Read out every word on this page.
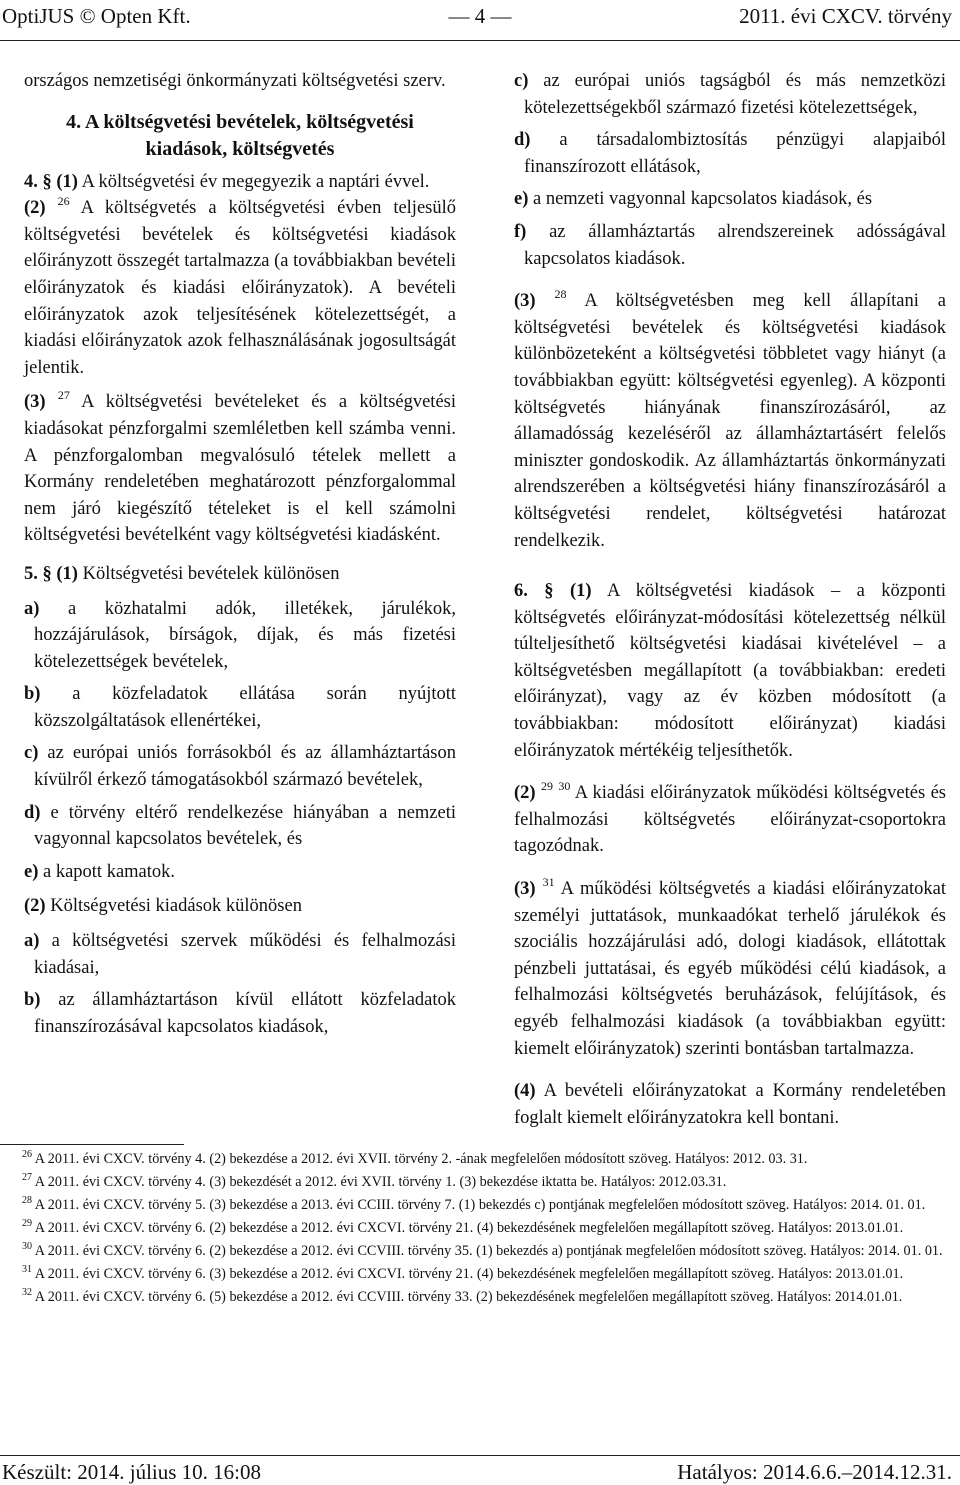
OptiJUS © Opten Kft.	— 4 —	2011. évi CXCV. törvény

országos nemzetiségi önkormányzati költségvetési szerv.

4. A költségvetési bevételek, költségvetési kiadások, költségvetés

4. § (1) A költségvetési év megegyezik a naptári évvel.

(2) $^{26}$ A költségvetés a költségvetési évben teljesülő költségvetési bevételek és költségvetési kiadások előirányzott összegét tartalmazza (a továbbiakban bevételi előirányzatok és kiadási előirányzatok). A bevételi előirányzatok azok teljesítésének kötelezettségét, a kiadási előirányzatok azok felhasználásának jogosultságát jelentik.

(3) $^{27}$ A költségvetési bevételeket és a költségvetési kiadásokat pénzforgalmi szemléletben kell számba venni. A pénzforgalomban megvalósuló tételek mellett a Kormány rendeletében meghatározott pénzforgalommal nem járó kiegészítő tételeket is el kell számolni költségvetési bevételként vagy költségvetési kiadásként.

5. § (1) Költségvetési bevételek különösen

a) a közhatalmi adók, illetékek, járulékok, hozzájárulások, bírságok, díjak, és más fizetési kötelezettségek bevételek,

b) a közfeladatok ellátása során nyújtott közszolgáltatások ellenértékei,

c) az európai uniós forrásokból és az államháztartáson kívülről érkező támogatásokból származó bevételek,

d) e törvény eltérő rendelkezése hiányában a nemzeti vagyonnal kapcsolatos bevételek, és

e) a kapott kamatok.

(2) Költségvetési kiadások különösen

a) a költségvetési szervek működési és felhalmozási kiadásai,

b) az államháztartáson kívül ellátott közfeladatok finanszírozásával kapcsolatos kiadások,

c) az európai uniós tagságból és más nemzetközi kötelezettségekből származó fizetési kötelezettségek,

d) a társadalombiztosítás pénzügyi alapjaiból finanszírozott ellátások,

e) a nemzeti vagyonnal kapcsolatos kiadások, és

f) az államháztartás alrendszereinek adósságával kapcsolatos kiadások.

(3) $^{28}$ A költségvetésben meg kell állapítani a költségvetési bevételek és költségvetési kiadások különbözeteként a költségvetési többletet vagy hiányt (a továbbiakban együtt: költségvetési egyenleg). A központi költségvetés hiányának finanszírozásáról, az államadósság kezeléséről az államháztartásért felelős miniszter gondoskodik. Az államháztartás önkormányzati alrendszerében a költségvetési hiány finanszírozásáról a költségvetési rendelet, költségvetési határozat rendelkezik.

6. § (1) A költségvetési kiadások – a központi költségvetés előirányzat-módosítási kötelezettség nélkül túlteljesíthető költségvetési kiadásai kivételével – a költségvetésben megállapított (a továbbiakban: eredeti előirányzat), vagy az év közben módosított (a továbbiakban: módosított előirányzat) kiadási előirányzatok mértékéig teljesíthetők.

(2) $^{29}$ $^{30}$ A kiadási előirányzatok működési költségvetés és felhalmozási költségvetés előirányzat-csoportokra tagozódnak.

(3) $^{31}$ A működési költségvetés a kiadási előirányzatokat személyi juttatások, munkaadókat terhelő járulékok és szociális hozzájárulási adó, dologi kiadások, ellátottak pénzbeli juttatásai, és egyéb működési célú kiadások, a felhalmozási költségvetés beruházások, felújítások, és egyéb felhalmozási kiadások (a továbbiakban együtt: kiemelt előirányzatok) szerinti bontásban tartalmazza.

(4) A bevételi előirányzatokat a Kormány rendeletében foglalt kiemelt előirányzatokra kell bontani.

$^{26}$ A 2011. évi CXCV. törvény 4. (2) bekezdése a 2012. évi XVII. törvény 2. -ának megfelelően módosított szöveg. Hatályos: 2012. 03. 31.

$^{27}$ A 2011. évi CXCV. törvény 4. (3) bekezdését a 2012. évi XVII. törvény 1. (3) bekezdése iktatta be. Hatályos: 2012.03.31.

$^{28}$ A 2011. évi CXCV. törvény 5. (3) bekezdése a 2013. évi CCIII. törvény 7. (1) bekezdés c) pontjának megfelelően módosított szöveg. Hatályos: 2014. 01. 01.

$^{29}$ A 2011. évi CXCV. törvény 6. (2) bekezdése a 2012. évi CXCVI. törvény 21. (4) bekezdésének megfelelően megállapított szöveg. Hatályos: 2013.01.01.

$^{30}$ A 2011. évi CXCV. törvény 6. (2) bekezdése a 2012. évi CCVIII. törvény 35. (1) bekezdés a) pontjának megfelelően módosított szöveg. Hatályos: 2014. 01. 01.

$^{31}$ A 2011. évi CXCV. törvény 6. (3) bekezdése a 2012. évi CXCVI. törvény 21. (4) bekezdésének megfelelően megállapított szöveg. Hatályos: 2013.01.01.

$^{32}$ A 2011. évi CXCV. törvény 6. (5) bekezdése a 2012. évi CCVIII. törvény 33. (2) bekezdésének megfelelően megállapított szöveg. Hatályos: 2014.01.01.

Készült: 2014. július 10. 16:08	Hatályos: 2014.6.6.–2014.12.31.
